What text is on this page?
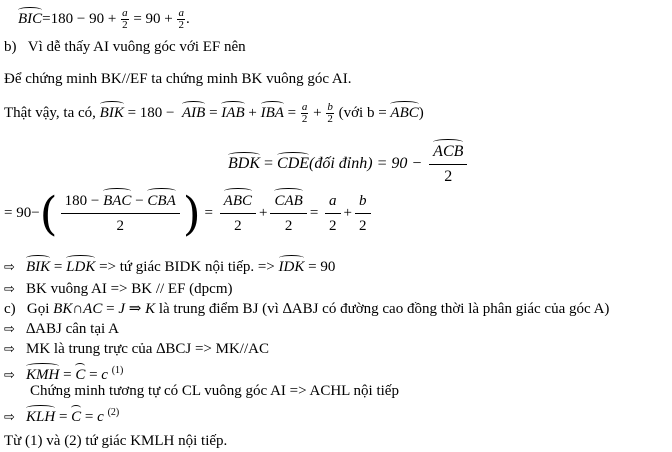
$BIC=180 - 90 + \frac{a}{2} = 90 + \frac{a}{2}$ .
b) Vì dễ thấy AI vuông góc với EF nên
Để chứng minh BK//EF ta chứng minh BK vuông góc AI.
Thật vậy, ta có, BIK = 180 −  AIB = IAB + IBA = $\frac{a}{2} + \frac{b}{2}$ (với b = ABC)
BDK = CDE(đối đỉnh) = $90 - \frac{\text{ACB}}{2}$
= $90-( \frac{\text{180 − BAC − CBA}}{2}$ ) = $\frac{\text{ABC}}{2} + \frac{\text{CAB}}{2} = \frac{a}{2} + \frac{b}{2}$
⇨ BIK = LDK => tứ giác BIDK nội tiếp. => IDK = 90
⇨ BK vuông AI => BK // EF (dpcm)
c) Gọi BK∩AC = J ⇒ K là trung điểm BJ (vì ∆ABJ có đường cao đồng thời là phân giác của góc A)
⇨ ∆ABJ cân tại A
⇨ MK là trung trực của ∆BCJ => MK//AC
⇨ KMH = C = c $^{(1)}$
Chứng minh tương tự có CL vuông góc AI => ACHL nội tiếp
⇨ KLH = C = c $^{(2)}$
Từ (1) và (2) tứ giác KMLH nội tiếp.
